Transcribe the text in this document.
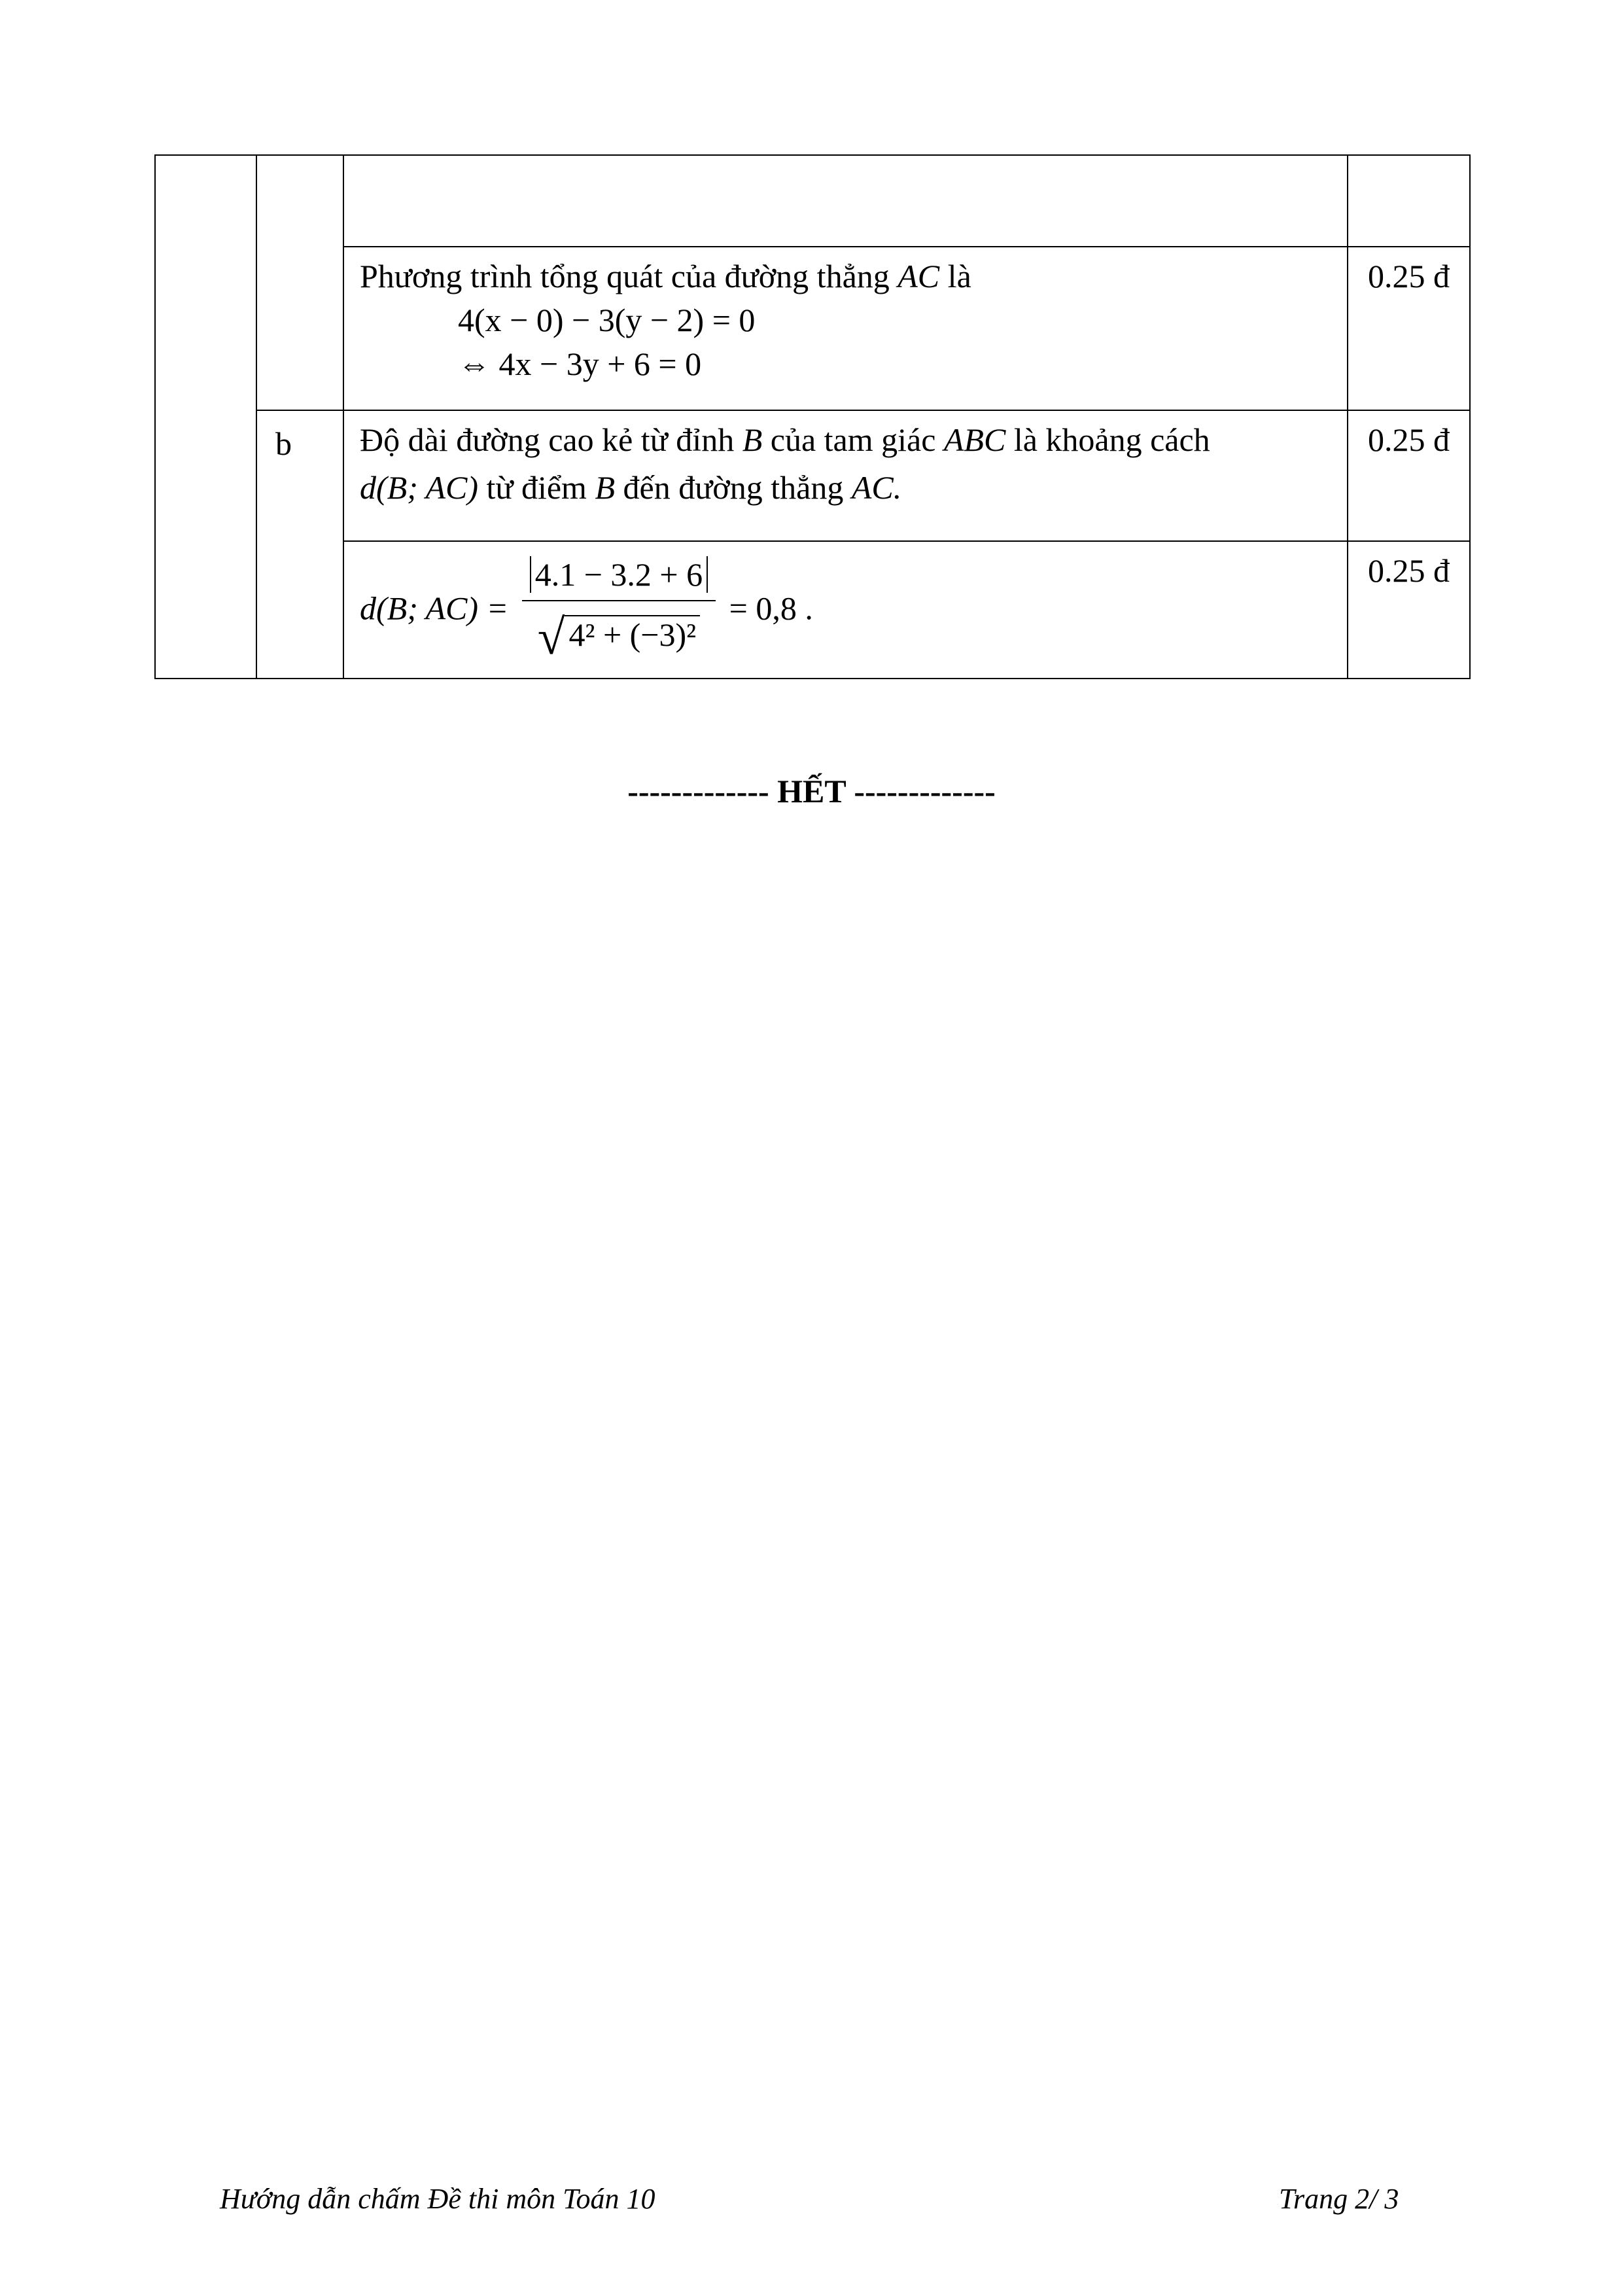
		Phương trình tổng quát của đường thẳng AC là
4(x − 0) − 3(y − 2) = 0
⇔ 4x − 3y + 6 = 0	0.25 đ
	b	Độ dài đường cao kẻ từ đỉnh B của tam giác ABC là khoảng cách
d(B; AC) từ điểm B đến đường thẳng AC.	0.25 đ

		d(B; $AC) = \frac{4.1 - 3.2 + 6}{\text{√ 4² + (−3)²}} = 0,8$ .	0.25 đ
------------- HẾT -------------
Hướng dẫn chấm Đề thi môn Toán 10	Trang 2/ 3
